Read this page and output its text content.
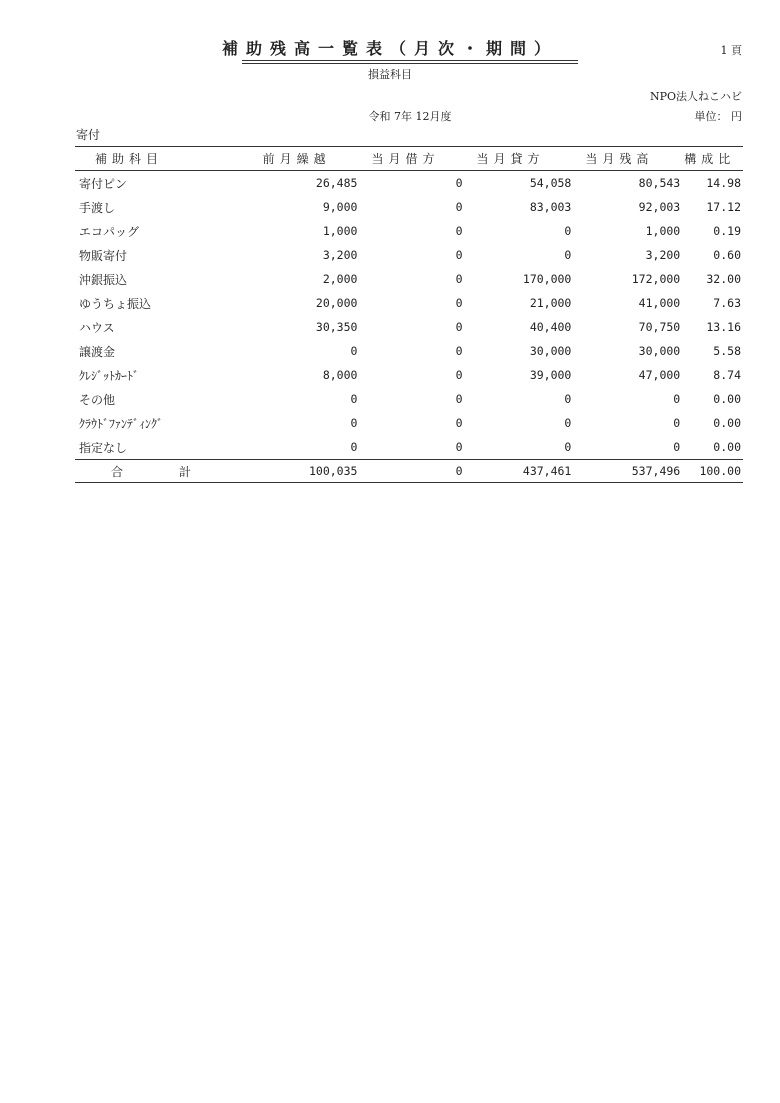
補助残高一覧表（月次・期間）	1 頁
損益科目
NPO法人ねこハビ
令和 7年 12月度	単位： 円
寄付
補助科目	前月繰越	当月借方	当月貸方	当月残高	構成比
寄付ピン	26,485	0	54,058	80,543	14.98
手渡し	9,000	0	83,003	92,003	17.12
エコパッグ	1,000	0	0	1,000	0.19
物販寄付	3,200	0	0	3,200	0.60
沖銀振込	2,000	0	170,000	172,000	32.00
ゆうちょ振込	20,000	0	21,000	41,000	7.63
ハウス	30,350	0	40,400	70,750	13.16
譲渡金	0	0	30,000	30,000	5.58
ｸﾚｼﾞｯﾄｶｰﾄﾞ	8,000	0	39,000	47,000	8.74
その他	0	0	0	0	0.00
ｸﾗｳﾄﾞﾌｧﾝﾃﾞｨﾝｸﾞ	0	0	0	0	0.00
指定なし	0	0	0	0	0.00
合 計	100,035	0	437,461	537,496	100.00
